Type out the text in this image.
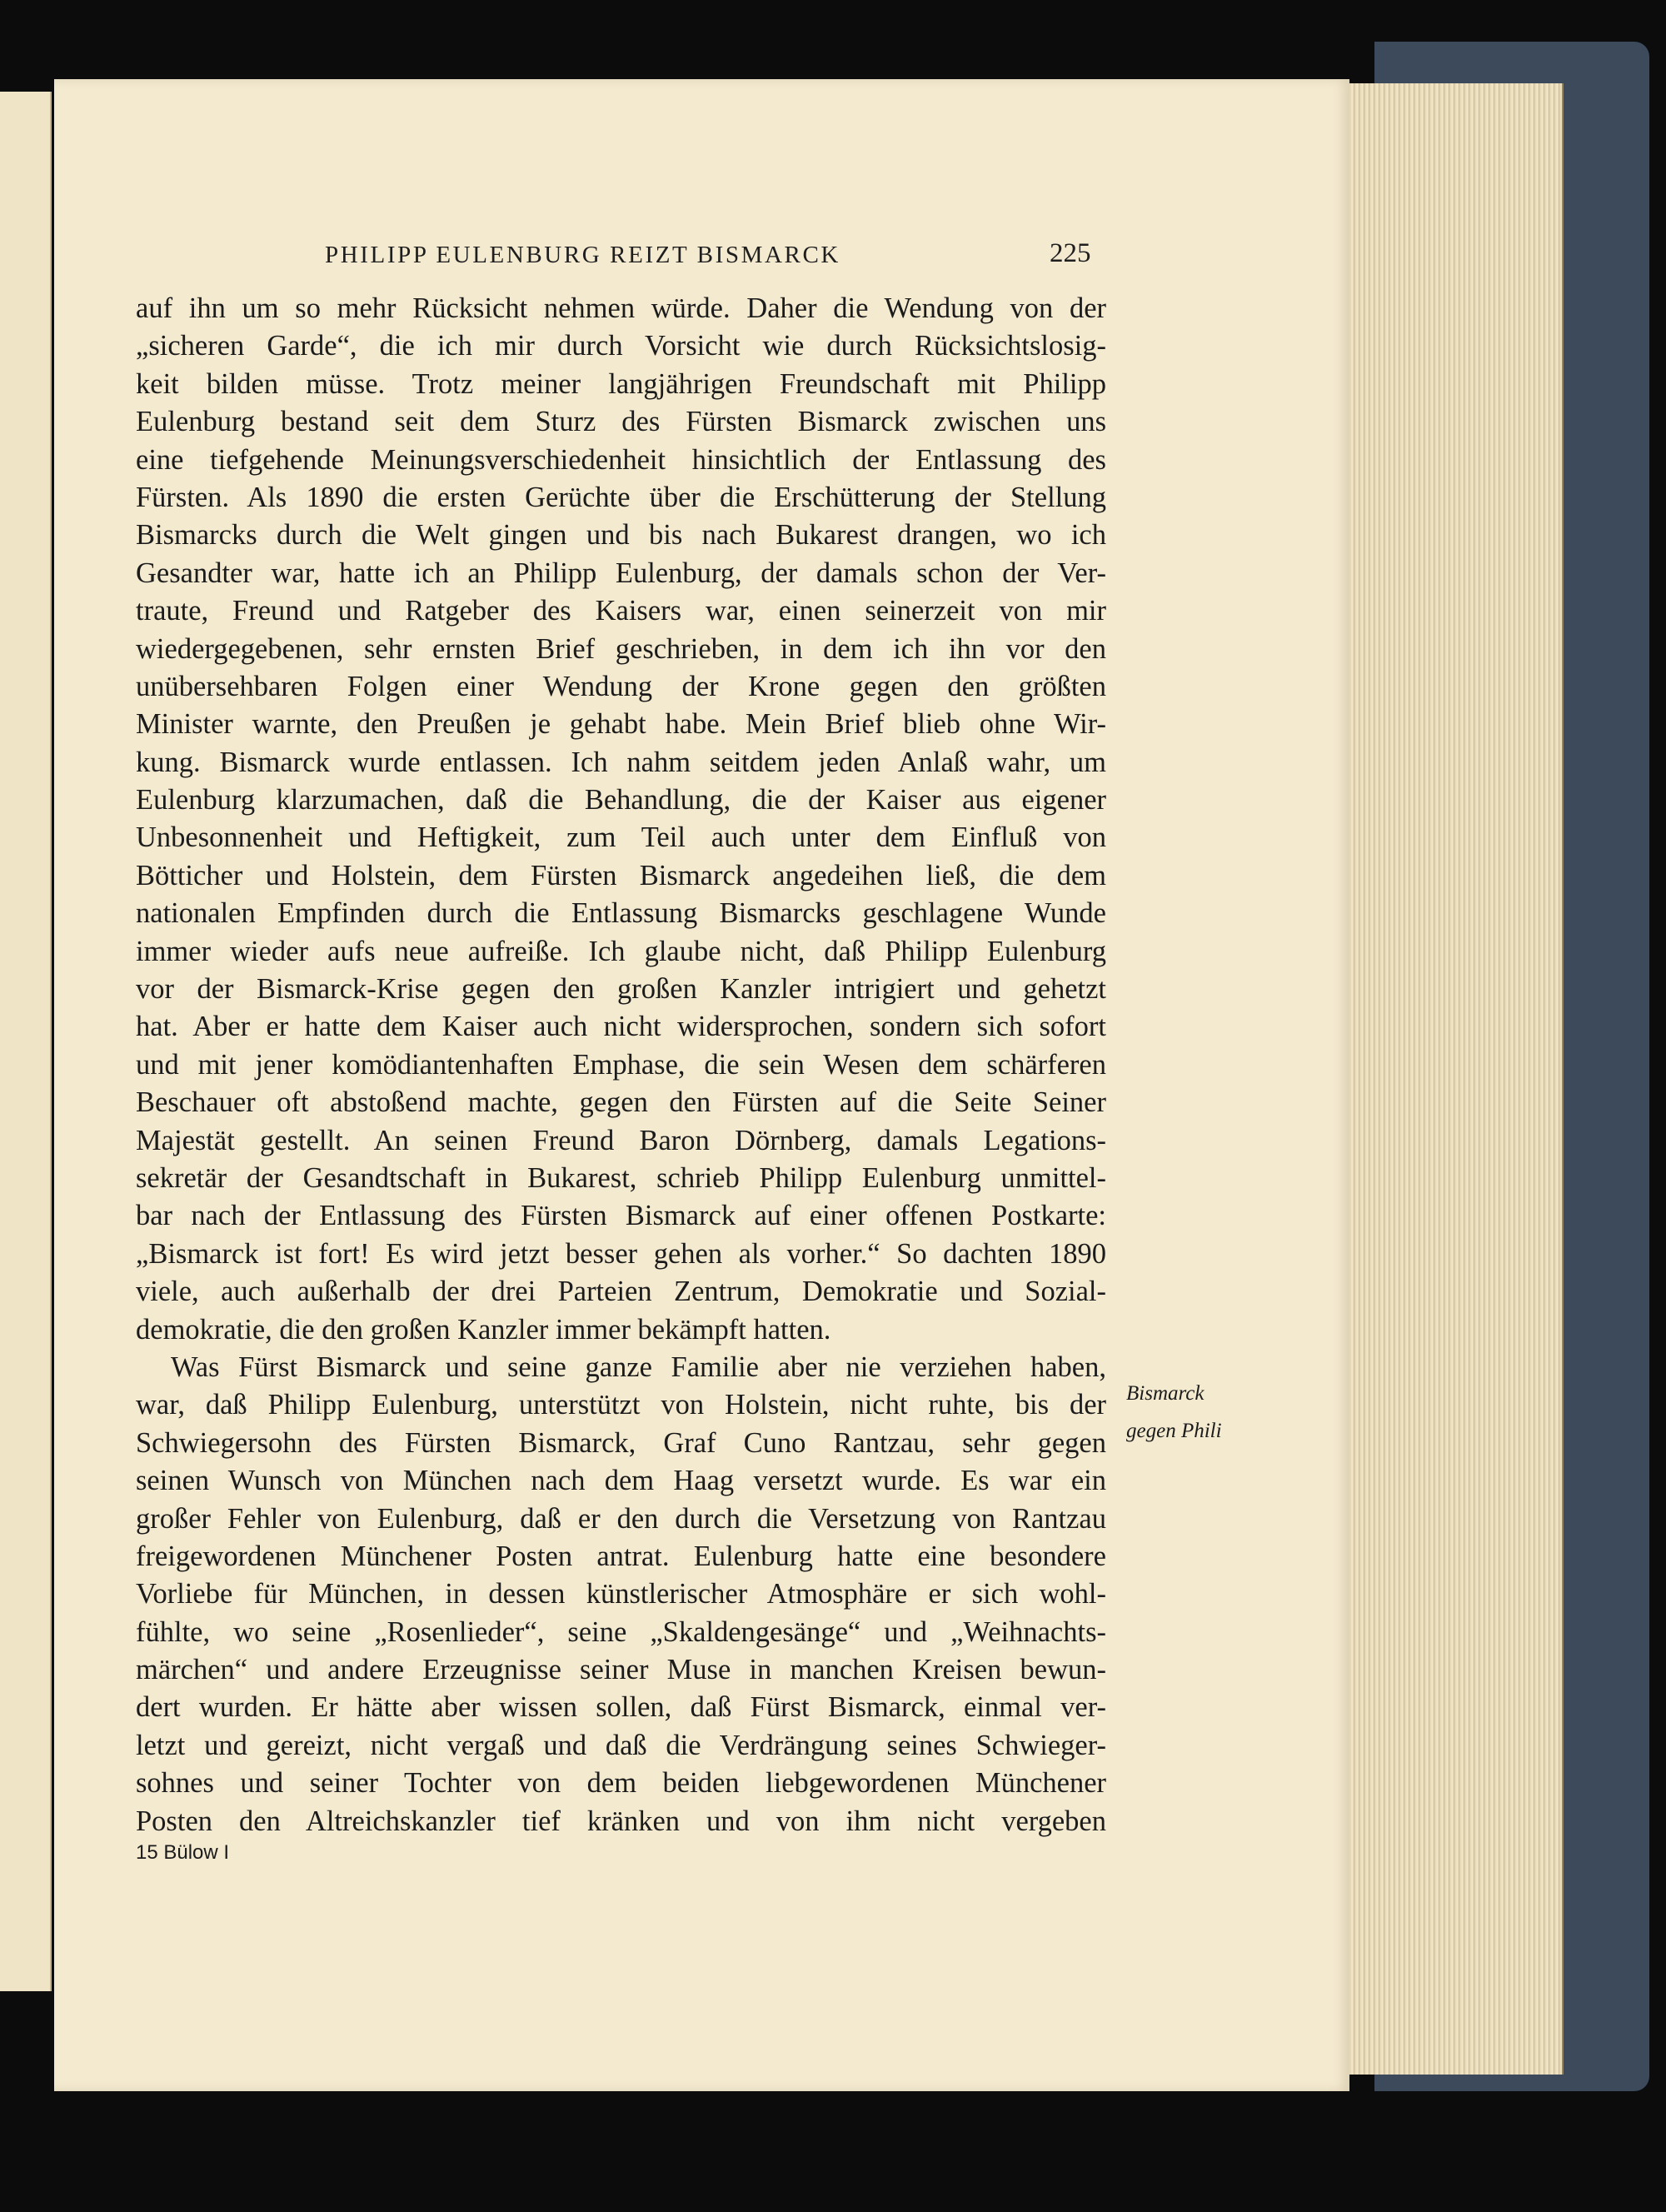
PHILIPP EULENBURG REIZT BISMARCK	225
auf ihn um so mehr Rücksicht nehmen würde. Daher die Wendung von der
„sicheren Garde“, die ich mir durch Vorsicht wie durch Rücksichtslosig-
keit bilden müsse. Trotz meiner langjährigen Freundschaft mit Philipp
Eulenburg bestand seit dem Sturz des Fürsten Bismarck zwischen uns
eine tiefgehende Meinungsverschiedenheit hinsichtlich der Entlassung des
Fürsten. Als 1890 die ersten Gerüchte über die Erschütterung der Stellung
Bismarcks durch die Welt gingen und bis nach Bukarest drangen, wo ich
Gesandter war, hatte ich an Philipp Eulenburg, der damals schon der Ver-
traute, Freund und Ratgeber des Kaisers war, einen seinerzeit von mir
wiedergegebenen, sehr ernsten Brief geschrieben, in dem ich ihn vor den
unübersehbaren Folgen einer Wendung der Krone gegen den größten
Minister warnte, den Preußen je gehabt habe. Mein Brief blieb ohne Wir-
kung. Bismarck wurde entlassen. Ich nahm seitdem jeden Anlaß wahr, um
Eulenburg klarzumachen, daß die Behandlung, die der Kaiser aus eigener
Unbesonnenheit und Heftigkeit, zum Teil auch unter dem Einfluß von
Bötticher und Holstein, dem Fürsten Bismarck angedeihen ließ, die dem
nationalen Empfinden durch die Entlassung Bismarcks geschlagene Wunde
immer wieder aufs neue aufreiße. Ich glaube nicht, daß Philipp Eulenburg
vor der Bismarck-Krise gegen den großen Kanzler intrigiert und gehetzt
hat. Aber er hatte dem Kaiser auch nicht widersprochen, sondern sich sofort
und mit jener komödiantenhaften Emphase, die sein Wesen dem schärferen
Beschauer oft abstoßend machte, gegen den Fürsten auf die Seite Seiner
Majestät gestellt. An seinen Freund Baron Dörnberg, damals Legations-
sekretär der Gesandtschaft in Bukarest, schrieb Philipp Eulenburg unmittel-
bar nach der Entlassung des Fürsten Bismarck auf einer offenen Postkarte:
„Bismarck ist fort! Es wird jetzt besser gehen als vorher.“ So dachten 1890
viele, auch außerhalb der drei Parteien Zentrum, Demokratie und Sozial-
demokratie, die den großen Kanzler immer bekämpft hatten.
Was Fürst Bismarck und seine ganze Familie aber nie verziehen haben,
war, daß Philipp Eulenburg, unterstützt von Holstein, nicht ruhte, bis der
Schwiegersohn des Fürsten Bismarck, Graf Cuno Rantzau, sehr gegen
seinen Wunsch von München nach dem Haag versetzt wurde. Es war ein
großer Fehler von Eulenburg, daß er den durch die Versetzung von Rantzau
freigewordenen Münchener Posten antrat. Eulenburg hatte eine besondere
Vorliebe für München, in dessen künstlerischer Atmosphäre er sich wohl-
fühlte, wo seine „Rosenlieder“, seine „Skaldengesänge“ und „Weihnachts-
märchen“ und andere Erzeugnisse seiner Muse in manchen Kreisen bewun-
dert wurden. Er hätte aber wissen sollen, daß Fürst Bismarck, einmal ver-
letzt und gereizt, nicht vergaß und daß die Verdrängung seines Schwieger-
sohnes und seiner Tochter von dem beiden liebgewordenen Münchener
Posten den Altreichskanzler tief kränken und von ihm nicht vergeben
Bismarck
gegen Phili
15 Bülow I
